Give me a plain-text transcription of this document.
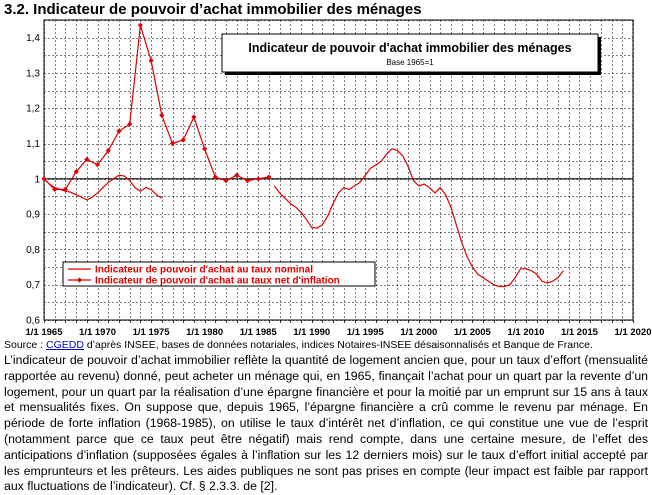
3.2. Indicateur de pouvoir d’achat immobilier des ménages
0,6
0,7
0,8
0,9
1
1,1
1,2
1,3
1,4
1/1 1965 1/1 1970 1/1 1975 1/1 1980 1/1 1985 1/1 1990 1/1 1995 1/1 2000 1/1 2005 1/1 2010 1/1 2015 1/1 2020
Indicateur de pouvoir d'achat immobilier des ménages
Base 1965=1
Indicateur de pouvoir d'achat au taux nominal
Indicateur de pouvoir d'achat au taux net d'inflation
Source : CGEDD d’après INSEE, bases de données notariales, indices Notaires-INSEE désaisonnalisés et Banque de France.
L’indicateur de pouvoir d’achat immobilier reflète la quantité de logement ancien que, pour un taux d’effort (mensualité rapportée au revenu) donné, peut acheter un ménage qui, en 1965, finançait l’achat pour un quart par la revente d’un logement, pour un quart par la réalisation d’une épargne financière et pour la moitié par un emprunt sur 15 ans à taux et mensualités fixes. On suppose que, depuis 1965, l’épargne financière a crû comme le revenu par ménage. En période de forte inflation (1968-1985), on utilise le taux d’intérêt net d’inflation, ce qui constitue une vue de l’esprit (notamment parce que ce taux peut être négatif) mais rend compte, dans une certaine mesure, de l’effet des anticipations d’inflation (supposées égales à l’inflation sur les 12 derniers mois) sur le taux d’effort initial accepté par les emprunteurs et les prêteurs. Les aides publiques ne sont pas prises en compte (leur impact est faible par rapport aux fluctuations de l’indicateur). Cf. § 2.3.3. de [2].
